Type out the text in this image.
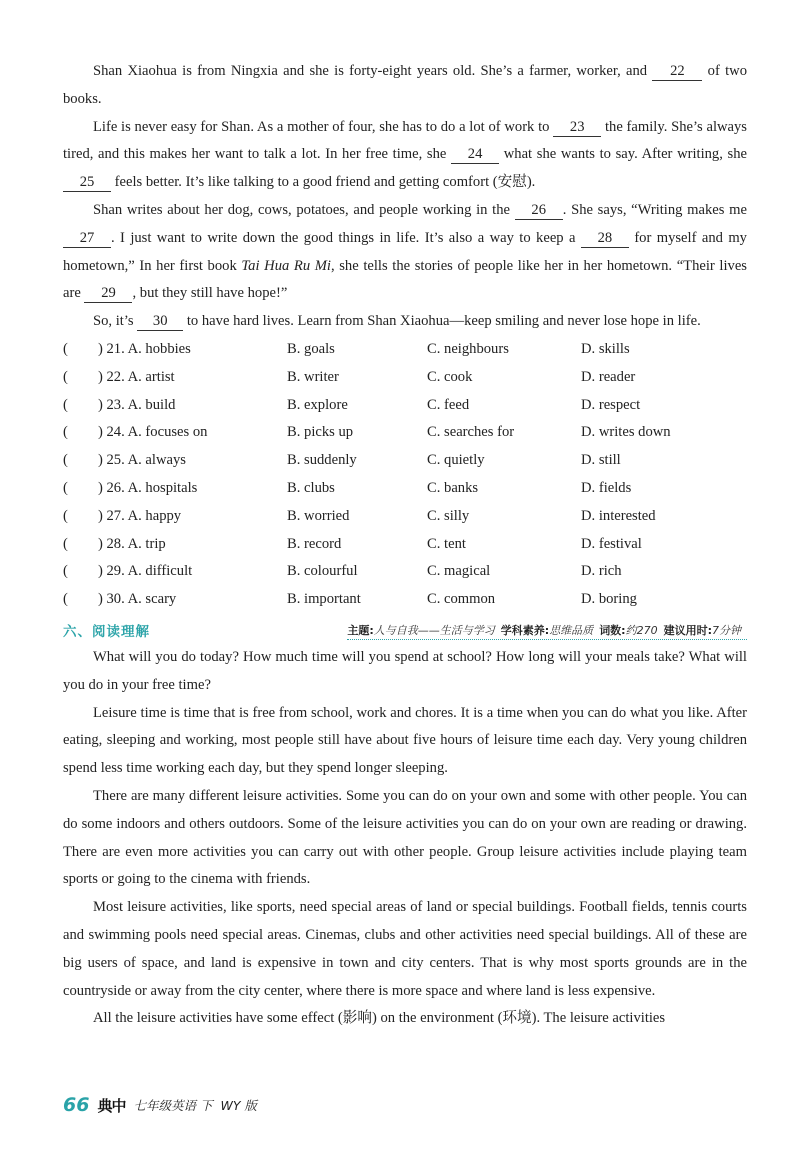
Shan Xiaohua is from Ningxia and she is forty-eight years old. She’s a farmer, worker, and 22 of two books.

Life is never easy for Shan. As a mother of four, she has to do a lot of work to 23 the family. She’s always tired, and this makes her want to talk a lot. In her free time, she 24 what she wants to say. After writing, she 25 feels better. It’s like talking to a good friend and getting comfort (安慰).

Shan writes about her dog, cows, potatoes, and people working in the 26 . She says, “Writing makes me 27 . I just want to write down the good things in life. It’s also a way to keep a 28 for myself and my hometown,” In her first book Tai Hua Ru Mi, she tells the stories of people like her in her hometown. “Their lives are 29 , but they still have hope!”

So, it’s 30 to have hard lives. Learn from Shan Xiaohua—keep smiling and never lose hope in life.

( ) 21. A. hobbies	B. goals	C. neighbours	D. skills
( ) 22. A. artist	B. writer	C. cook	D. reader
( ) 23. A. build	B. explore	C. feed	D. respect
( ) 24. A. focuses on	B. picks up	C. searches for	D. writes down
( ) 25. A. always	B. suddenly	C. quietly	D. still
( ) 26. A. hospitals	B. clubs	C. banks	D. fields
( ) 27. A. happy	B. worried	C. silly	D. interested
( ) 28. A. trip	B. record	C. tent	D. festival
( ) 29. A. difficult	B. colourful	C. magical	D. rich
( ) 30. A. scary	B. important	C. common	D. boring
六、阅读理解	主题:人与自我——生活与学习 学科素养:思维品质 词数:约270 建议用时:7分钟

What will you do today? How much time will you spend at school? How long will your meals take? What will you do in your free time?

Leisure time is time that is free from school, work and chores. It is a time when you can do what you like. After eating, sleeping and working, most people still have about five hours of leisure time each day. Very young children spend less time working each day, but they spend longer sleeping.

There are many different leisure activities. Some you can do on your own and some with other people. You can do some indoors and others outdoors. Some of the leisure activities you can do on your own are reading or drawing. There are even more activities you can carry out with other people. Group leisure activities include playing team sports or going to the cinema with friends.

Most leisure activities, like sports, need special areas of land or special buildings. Football fields, tennis courts and swimming pools need special areas. Cinemas, clubs and other activities need special buildings. All of these are big users of space, and land is expensive in town and city centers. That is why most sports grounds are in the countryside or away from the city center, where there is more space and where land is less expensive.

All the leisure activities have some effect (影响) on the environment (环境). The leisure activities

66 典中 七年级英语 下 WY 版
